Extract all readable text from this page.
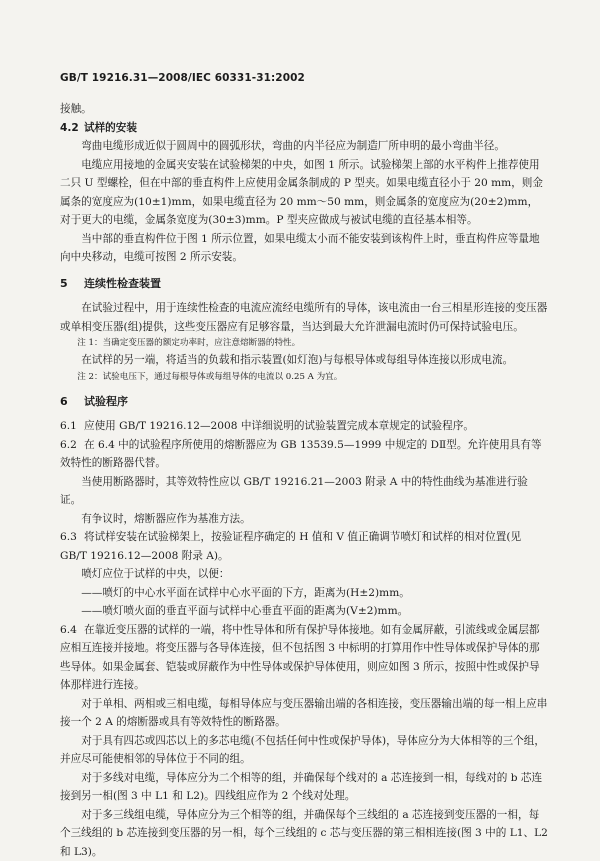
GB/T 19216.31—2008/IEC 60331-31:2002

接触。

4.2 试样的安装

弯曲电缆形成近似于圆周中的圆弧形状，弯曲的内半径应为制造厂所申明的最小弯曲半径。

电缆应用接地的金属夹安装在试验梯架的中央，如图 1 所示。试验梯架上部的水平构件上推荐使用二只 U 型螺栓，但在中部的垂直构件上应使用金属条制成的 P 型夹。如果电缆直径小于 20 mm，则金属条的宽度应为(10±1)mm，如果电缆直径为 20 mm～50 mm，则金属条的宽度应为(20±2)mm，对于更大的电缆，金属条宽度为(30±3)mm。P 型夹应做成与被试电缆的直径基本相等。

当中部的垂直构件位于图 1 所示位置，如果电缆太小而不能安装到该构件上时，垂直构件应等量地向中央移动，电缆可按图 2 所示安装。

5 连续性检查装置

在试验过程中，用于连续性检查的电流应流经电缆所有的导体，该电流由一台三相星形连接的变压器或单相变压器(组)提供，这些变压器应有足够容量，当达到最大允许泄漏电流时仍可保持试验电压。

注 1：当确定变压器的额定功率时，应注意熔断器的特性。

在试样的另一端，将适当的负载和指示装置(如灯泡)与每根导体或每组导体连接以形成电流。

注 2：试验电压下，通过每根导体或每组导体的电流以 0.25 A 为宜。

6 试验程序

6.1 应使用 GB/T 19216.12—2008 中详细说明的试验装置完成本章规定的试验程序。

6.2 在 6.4 中的试验程序所使用的熔断器应为 GB 13539.5—1999 中规定的 DⅡ型。允许使用具有等效特性的断路器代替。

当使用断路器时，其等效特性应以 GB/T 19216.21—2003 附录 A 中的特性曲线为基准进行验证。

有争议时，熔断器应作为基准方法。

6.3 将试样安装在试验梯架上，按验证程序确定的 H 值和 V 值正确调节喷灯和试样的相对位置(见 GB/T 19216.12—2008 附录 A)。

喷灯应位于试样的中央，以便：

——喷灯的中心水平面在试样中心水平面的下方，距离为(H±2)mm。

——喷灯喷火面的垂直平面与试样中心垂直平面的距离为(V±2)mm。

6.4 在靠近变压器的试样的一端，将中性导体和所有保护导体接地。如有金属屏蔽，引流线或金属层都应相互连接并接地。将变压器与各导体连接，但不包括图 3 中标明的打算用作中性导体或保护导体的那些导体。如果金属套、铠装或屏蔽作为中性导体或保护导体使用，则应如图 3 所示，按照中性或保护导体那样进行连接。

对于单相、两相或三相电缆，每相导体应与变压器输出端的各相连接，变压器输出端的每一相上应串接一个 2 A 的熔断器或具有等效特性的断路器。

对于具有四芯或四芯以上的多芯电缆(不包括任何中性或保护导体)，导体应分为大体相等的三个组，并应尽可能使相邻的导体位于不同的组。

对于多线对电缆，导体应分为二个相等的组，并确保每个线对的 a 芯连接到一相，每线对的 b 芯连接到另一相(图 3 中 L1 和 L2)。四线组应作为 2 个线对处理。

对于多三线组电缆，导体应分为三个相等的组，并确保每个三线组的 a 芯连接到变压器的一相，每个三线组的 b 芯连接到变压器的另一相，每个三线组的 c 芯与变压器的第三相相连接(图 3 中的 L1、L2 和 L3)。
